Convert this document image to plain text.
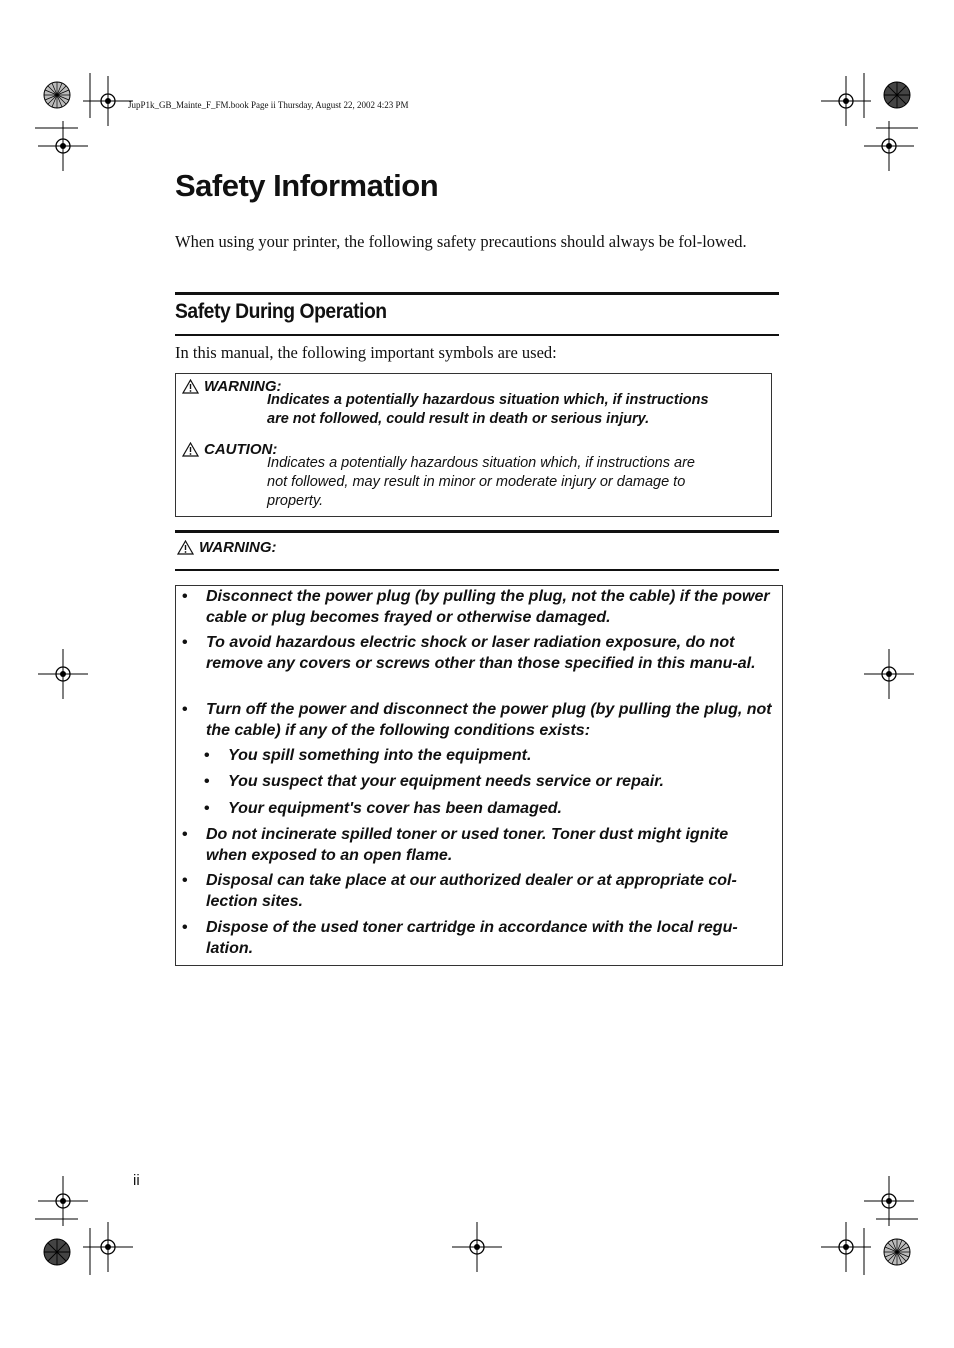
JupP1k_GB_Mainte_F_FM.book Page ii Thursday, August 22, 2002 4:23 PM
Safety Information

When using your printer, the following safety precautions should always be fol-lowed.

Safety During Operation

In this manual, the following important symbols are used:

WARNING:
Indicates a potentially hazardous situation which, if instructions
are not followed, could result in death or serious injury.
CAUTION:
Indicates a potentially hazardous situation which, if instructions are
not followed, may result in minor or moderate injury or damage to
property.
WARNING:
• Disconnect the power plug (by pulling the plug, not the cable) if the power cable or plug becomes frayed or otherwise damaged.
• To avoid hazardous electric shock or laser radiation exposure, do not remove any covers or screws other than those specified in this manu-al.
• Turn off the power and disconnect the power plug (by pulling the plug, not the cable) if any of the following conditions exists:
• You spill something into the equipment.
• You suspect that your equipment needs service or repair.
• Your equipment's cover has been damaged.
• Do not incinerate spilled toner or used toner. Toner dust might ignite when exposed to an open flame.
• Disposal can take place at our authorized dealer or at appropriate col-lection sites.
• Dispose of the used toner cartridge in accordance with the local regu-lation.
ii
